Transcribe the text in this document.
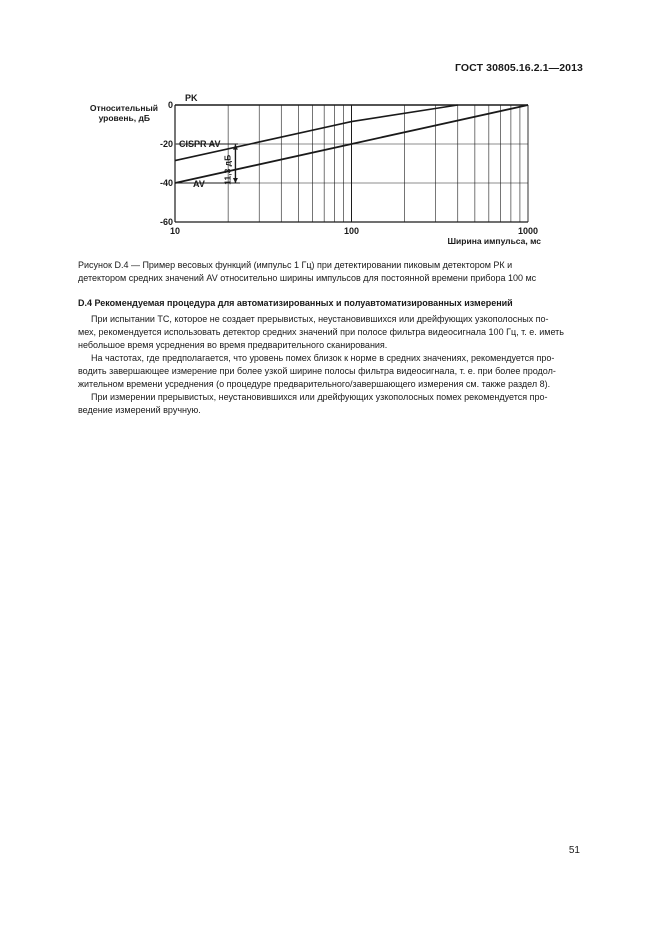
ГОСТ 30805.16.2.1—2013
0
-20
-40
-60
10	100	1000
Относительный
уровень, дБ
Ширина импульса, мс
PK
CISPR AV
AV 11,3 дБ
Рисунок D.4 — Пример весовых функций (импульс 1 Гц) при детектировании пиковым детектором РК и
детектором средних значений AV относительно ширины импульсов для постоянной времени прибора 100 мс
D.4 Рекомендуемая процедура для автоматизированных и полуавтоматизированных измерений
При испытании ТС, которое не создает прерывистых, неустановившихся или дрейфующих узкополосных по-
мех, рекомендуется использовать детектор средних значений при полосе фильтра видеосигнала 100 Гц, т. е. иметь
небольшое время усреднения во время предварительного сканирования.
На частотах, где предполагается, что уровень помех близок к норме в средних значениях, рекомендуется про-
водить завершающее измерение при более узкой ширине полосы фильтра видеосигнала, т. е. при более продол-
жительном времени усреднения (о процедуре предварительного/завершающего измерения см. также раздел 8).
При измерении прерывистых, неустановившихся или дрейфующих узкополосных помех рекомендуется про-
ведение измерений вручную.
51
